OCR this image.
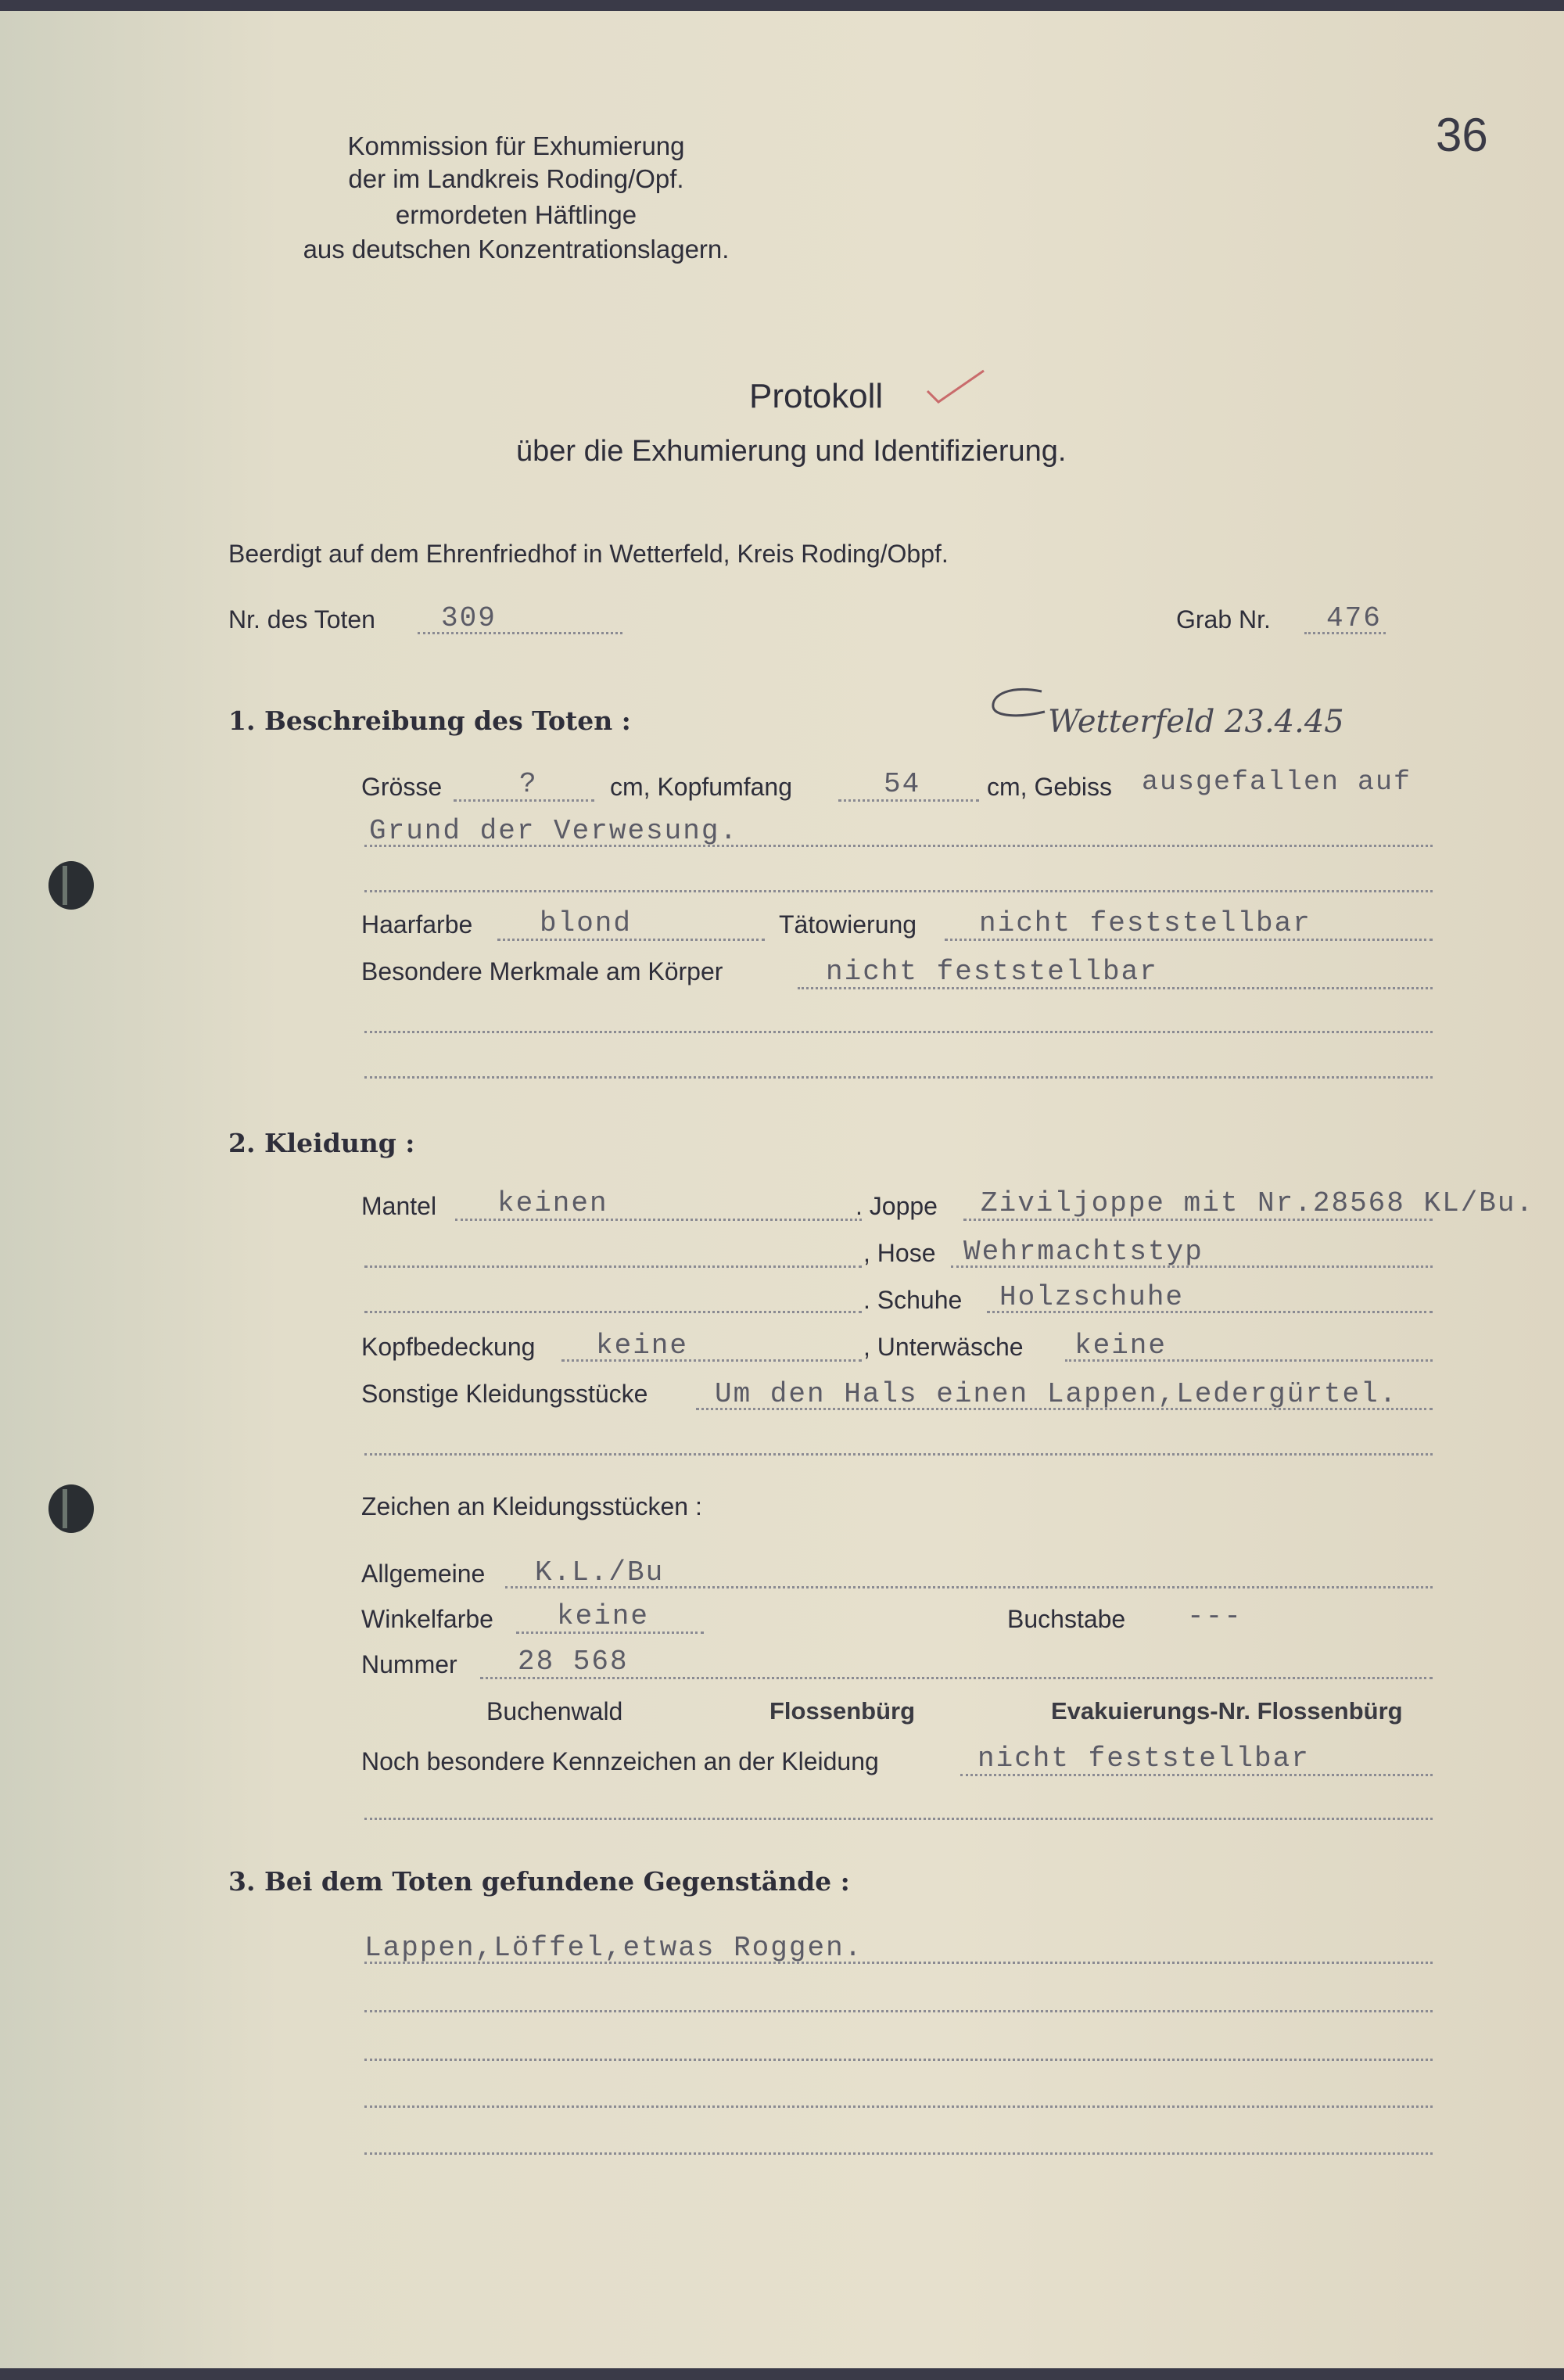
Kommission für Exhumierung
der im Landkreis Roding/Opf.
ermordeten Häftlinge
aus deutschen Konzentrationslagern.
36
Protokoll
über die Exhumierung und Identifizierung.
Beerdigt auf dem Ehrenfriedhof in Wetterfeld, Kreis Roding/Obpf.
Nr. des Toten 309	Grab Nr. 476
1. Beschreibung des Toten :	Wetterfeld 23.4.45
Grösse	?	cm, Kopfumfang	54	cm, Gebiss ausgefallen auf
Grund der Verwesung.
Haarfarbe blond	Tätowierung nicht feststellbar
Besondere Merkmale am Körper	nicht feststellbar
2. Kleidung :
Mantel keinen	. Joppe Ziviljoppe mit Nr.28568 KL/Bu.
, Hose Wehrmachtstyp
. Schuhe Holzschuhe
Kopfbedeckung keine	, Unterwäsche keine
Sonstige Kleidungsstücke Um den Hals einen Lappen,Ledergürtel.
Zeichen an Kleidungsstücken :
Allgemeine K.L./Bu
Winkelfarbe keine	Buchstabe ---
Nummer 28 568
Buchenwald	Flossenbürg	Evakuierungs-Nr. Flossenbürg
Noch besondere Kennzeichen an der Kleidung	nicht feststellbar
3. Bei dem Toten gefundene Gegenstände :
Lappen,Löffel,etwas Roggen.
